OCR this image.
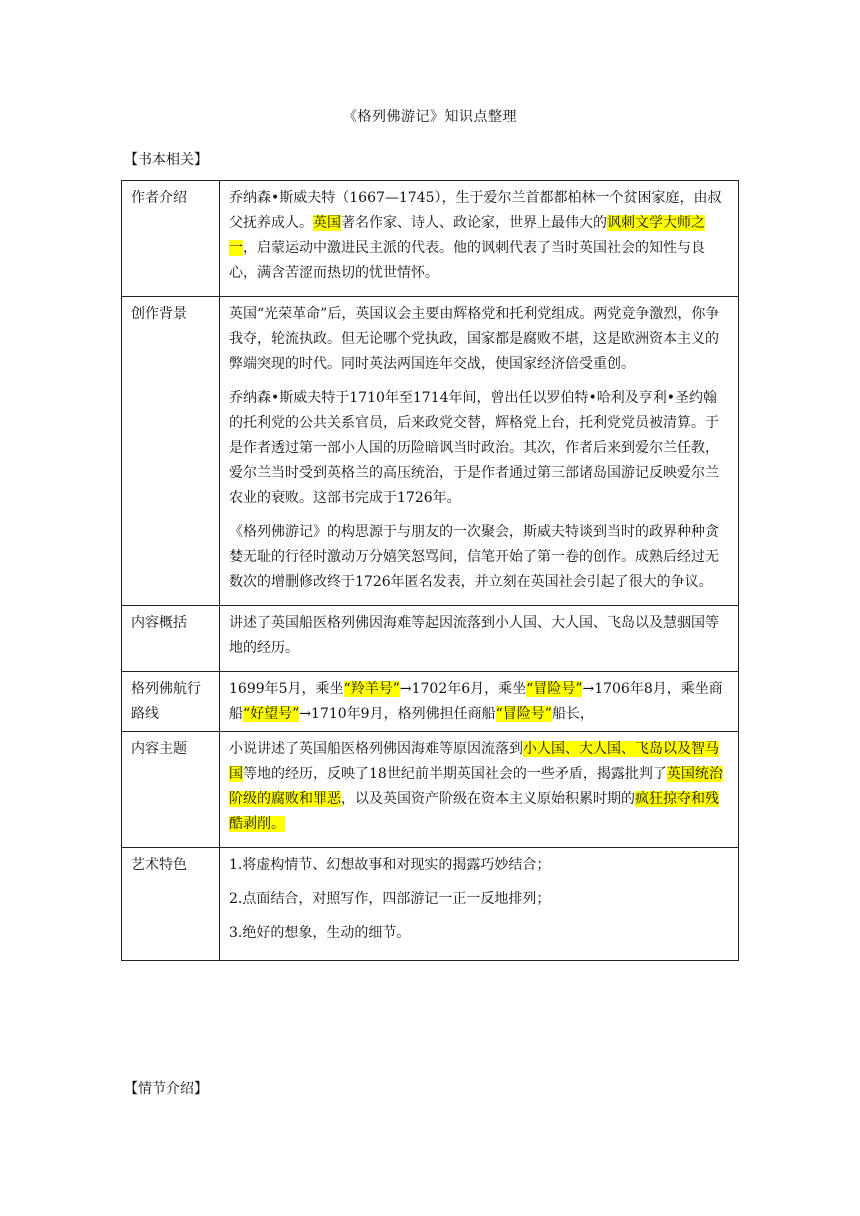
《格列佛游记》知识点整理
【书本相关】
作者介绍	乔纳森•斯威夫特（1667—1745），生于爱尔兰首都都柏林一个贫困家庭，由叔父抚养成人。英国著名作家、诗人、政论家，世界上最伟大的讽刺文学大师之一，启蒙运动中激进民主派的代表。他的讽刺代表了当时英国社会的知性与良心，满含苦涩而热切的忧世情怀。
创作背景	英国“光荣革命”后，英国议会主要由辉格党和托利党组成。两党竞争激烈，你争我夺，轮流执政。但无论哪个党执政，国家都是腐败不堪，这是欧洲资本主义的弊端突现的时代。同时英法两国连年交战，使国家经济倍受重创。

乔纳森•斯威夫特于1710年至1714年间，曾出任以罗伯特•哈利及亨利•圣约翰的托利党的公共关系官员，后来政党交替，辉格党上台，托利党党员被清算。于是作者透过第一部小人国的历险暗讽当时政治。其次，作者后来到爱尔兰任教，爱尔兰当时受到英格兰的高压统治，于是作者通过第三部诸岛国游记反映爱尔兰农业的衰败。这部书完成于1726年。

《格列佛游记》的构思源于与朋友的一次聚会，斯威夫特谈到当时的政界种种贪婪无耻的行径时激动万分嬉笑怒骂间，信笔开始了第一卷的创作。成熟后经过无数次的增删修改终于1726年匿名发表，并立刻在英国社会引起了很大的争议。

内容概括	讲述了英国船医格列佛因海难等起因流落到小人国、大人国、飞岛以及慧骃国等地的经历。
格列佛航行路线	1699年5月，乘坐“羚羊号”→1702年6月，乘坐“冒险号”→1706年8月，乘坐商船“好望号”→1710年9月，格列佛担任商船“冒险号”船长，
内容主题	小说讲述了英国船医格列佛因海难等原因流落到小人国、大人国、飞岛以及智马国等地的经历，反映了18世纪前半期英国社会的一些矛盾，揭露批判了英国统治阶级的腐败和罪恶，以及英国资产阶级在资本主义原始积累时期的疯狂掠夺和残酷剥削。
艺术特色	1.将虚构情节、幻想故事和对现实的揭露巧妙结合；

2.点面结合，对照写作，四部游记一正一反地排列；

3.绝好的想象，生动的细节。

【情节介绍】
